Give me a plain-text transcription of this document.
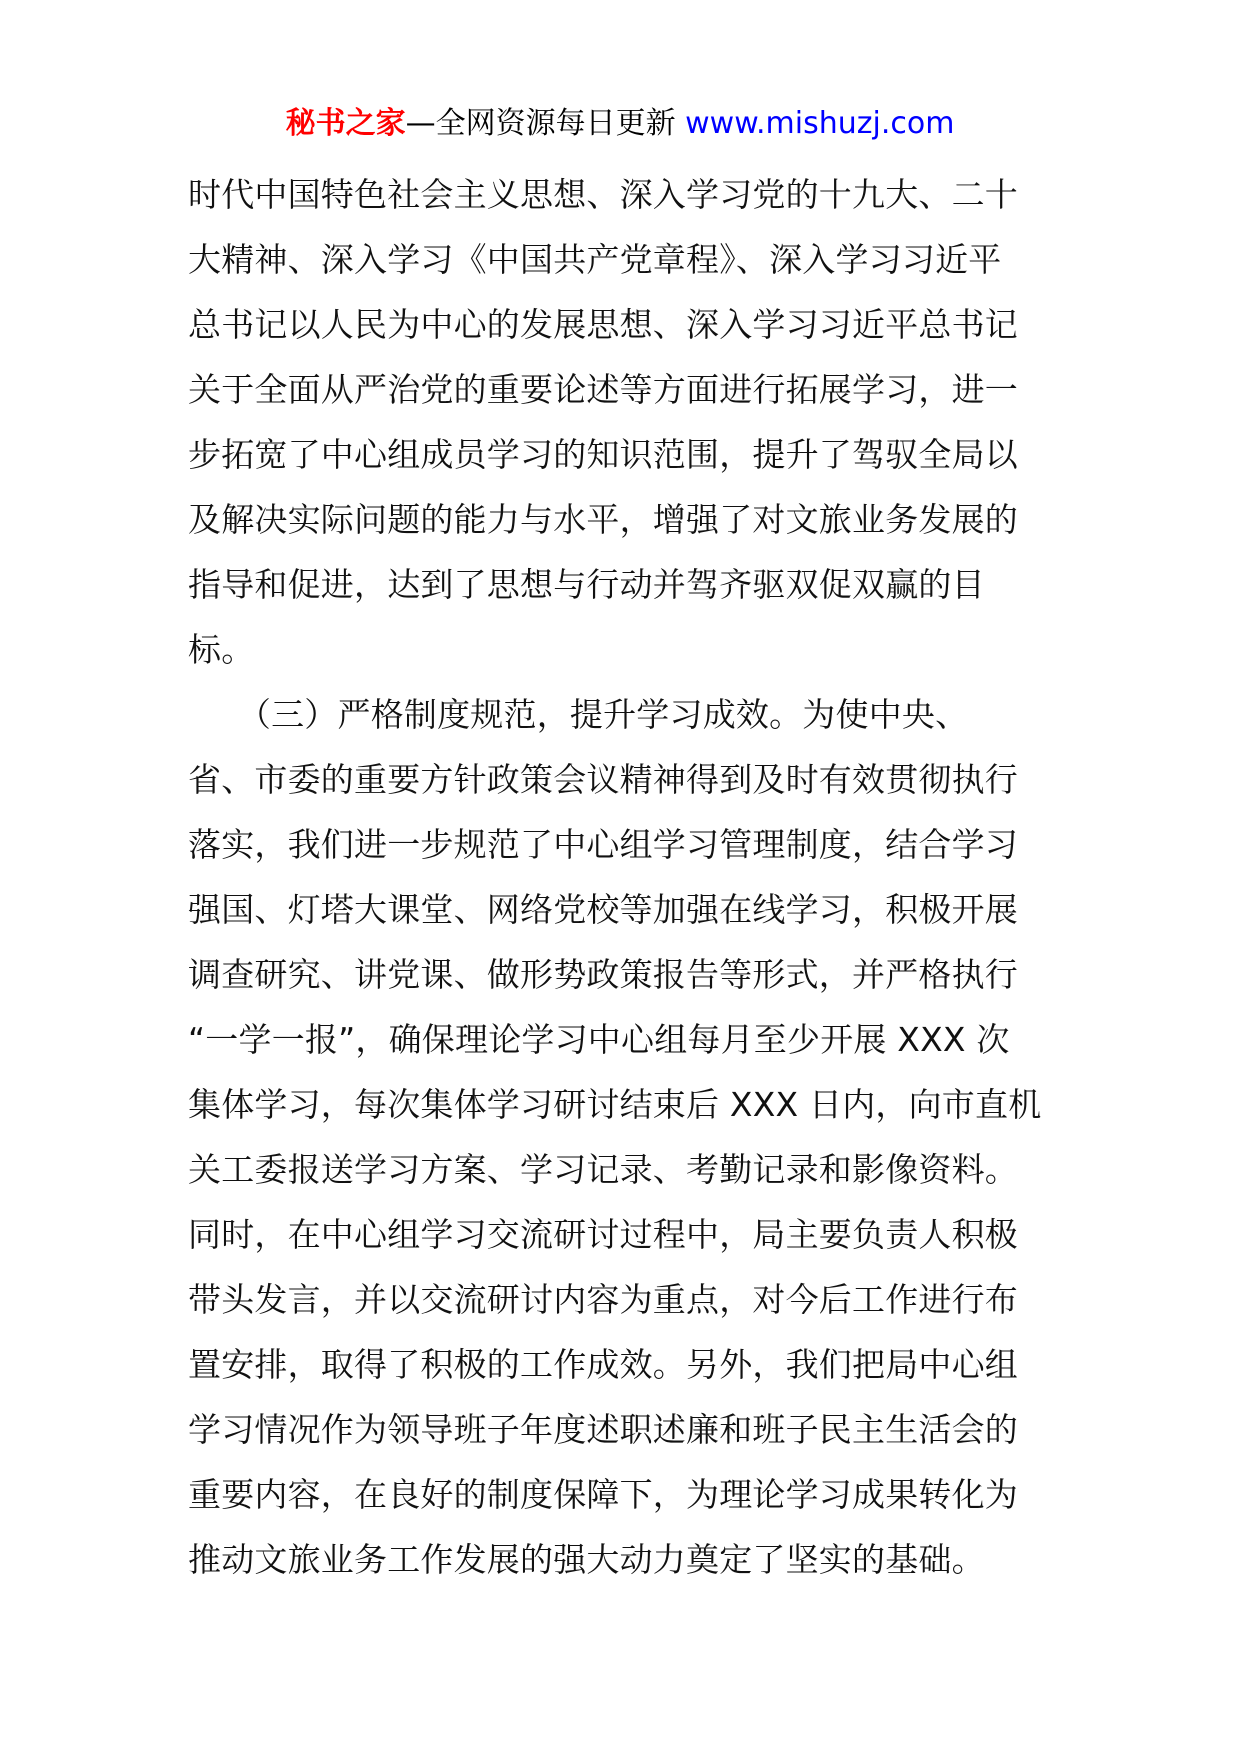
秘书之家—全网资源每日更新 www.mishuzj.com
时代中国特色社会主义思想、深入学习党的十九大、二十
大精神、深入学习《中国共产党章程》、深入学习习近平
总书记以人民为中心的发展思想、深入学习习近平总书记
关于全面从严治党的重要论述等方面进行拓展学习，进一
步拓宽了中心组成员学习的知识范围，提升了驾驭全局以
及解决实际问题的能力与水平，增强了对文旅业务发展的
指导和促进，达到了思想与行动并驾齐驱双促双赢的目
标。
　　（三）严格制度规范，提升学习成效。为使中央、
省、市委的重要方针政策会议精神得到及时有效贯彻执行
落实，我们进一步规范了中心组学习管理制度，结合学习
强国、灯塔大课堂、网络党校等加强在线学习，积极开展
调查研究、讲党课、做形势政策报告等形式，并严格执行
“一学一报”，确保理论学习中心组每月至少开展 XXX 次
集体学习，每次集体学习研讨结束后 XXX 日内，向市直机
关工委报送学习方案、学习记录、考勤记录和影像资料。
同时，在中心组学习交流研讨过程中，局主要负责人积极
带头发言，并以交流研讨内容为重点，对今后工作进行布
置安排，取得了积极的工作成效。另外，我们把局中心组
学习情况作为领导班子年度述职述廉和班子民主生活会的
重要内容，在良好的制度保障下，为理论学习成果转化为
推动文旅业务工作发展的强大动力奠定了坚实的基础。
